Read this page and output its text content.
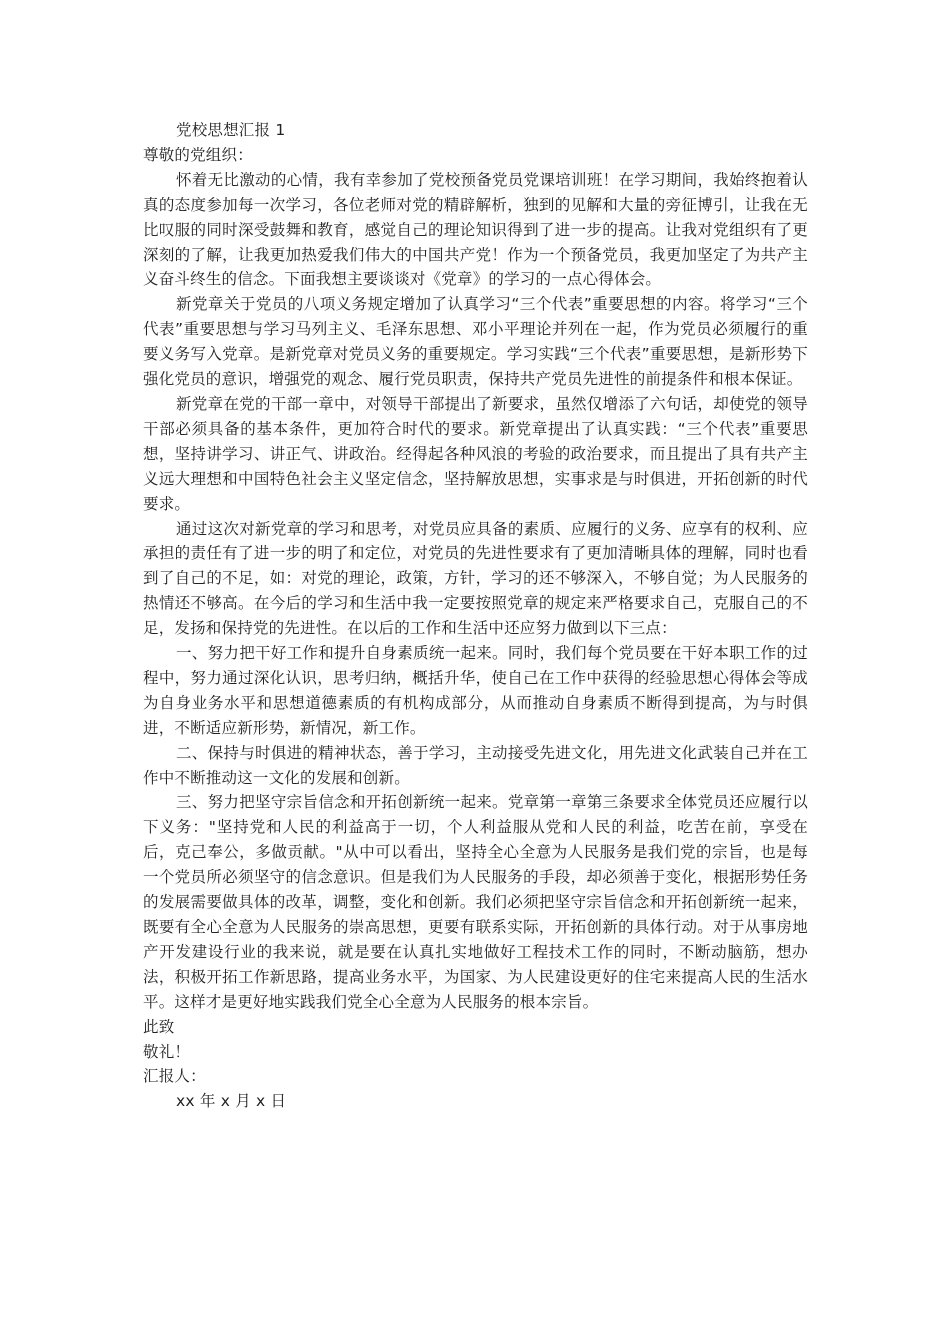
党校思想汇报 1

尊敬的党组织：

怀着无比激动的心情，我有幸参加了党校预备党员党课培训班！在学习期间，我始终抱着认真的态度参加每一次学习，各位老师对党的精辟解析，独到的见解和大量的旁征博引，让我在无比叹服的同时深受鼓舞和教育，感觉自己的理论知识得到了进一步的提高。让我对党组织有了更深刻的了解，让我更加热爱我们伟大的中国共产党！作为一个预备党员，我更加坚定了为共产主义奋斗终生的信念。下面我想主要谈谈对《党章》的学习的一点心得体会。

新党章关于党员的八项义务规定增加了认真学习“三个代表”重要思想的内容。将学习“三个代表”重要思想与学习马列主义、毛泽东思想、邓小平理论并列在一起，作为党员必须履行的重要义务写入党章。是新党章对党员义务的重要规定。学习实践“三个代表”重要思想，是新形势下强化党员的意识，增强党的观念、履行党员职责，保持共产党员先进性的前提条件和根本保证。

新党章在党的干部一章中，对领导干部提出了新要求，虽然仅增添了六句话，却使党的领导干部必须具备的基本条件，更加符合时代的要求。新党章提出了认真实践：“三个代表”重要思想，坚持讲学习、讲正气、讲政治。经得起各种风浪的考验的政治要求，而且提出了具有共产主义远大理想和中国特色社会主义坚定信念，坚持解放思想，实事求是与时俱进，开拓创新的时代要求。

通过这次对新党章的学习和思考，对党员应具备的素质、应履行的义务、应享有的权利、应承担的责任有了进一步的明了和定位，对党员的先进性要求有了更加清晰具体的理解，同时也看到了自己的不足，如：对党的理论，政策，方针，学习的还不够深入，不够自觉；为人民服务的热情还不够高。在今后的学习和生活中我一定要按照党章的规定来严格要求自己，克服自己的不足，发扬和保持党的先进性。在以后的工作和生活中还应努力做到以下三点：

一、努力把干好工作和提升自身素质统一起来。同时，我们每个党员要在干好本职工作的过程中，努力通过深化认识，思考归纳，概括升华，使自己在工作中获得的经验思想心得体会等成为自身业务水平和思想道德素质的有机构成部分，从而推动自身素质不断得到提高，为与时俱进，不断适应新形势，新情况，新工作。

二、保持与时俱进的精神状态，善于学习，主动接受先进文化，用先进文化武装自己并在工作中不断推动这一文化的发展和创新。

三、努力把坚守宗旨信念和开拓创新统一起来。党章第一章第三条要求全体党员还应履行以下义务："坚持党和人民的利益高于一切，个人利益服从党和人民的利益，吃苦在前，享受在后，克己奉公，多做贡献。"从中可以看出，坚持全心全意为人民服务是我们党的宗旨，也是每一个党员所必须坚守的信念意识。但是我们为人民服务的手段，却必须善于变化，根据形势任务的发展需要做具体的改革，调整，变化和创新。我们必须把坚守宗旨信念和开拓创新统一起来，既要有全心全意为人民服务的崇高思想，更要有联系实际，开拓创新的具体行动。对于从事房地产开发建设行业的我来说，就是要在认真扎实地做好工程技术工作的同时，不断动脑筋，想办法，积极开拓工作新思路，提高业务水平，为国家、为人民建设更好的住宅来提高人民的生活水平。这样才是更好地实践我们党全心全意为人民服务的根本宗旨。

此致

敬礼！

汇报人：

xx 年 x 月 x 日
